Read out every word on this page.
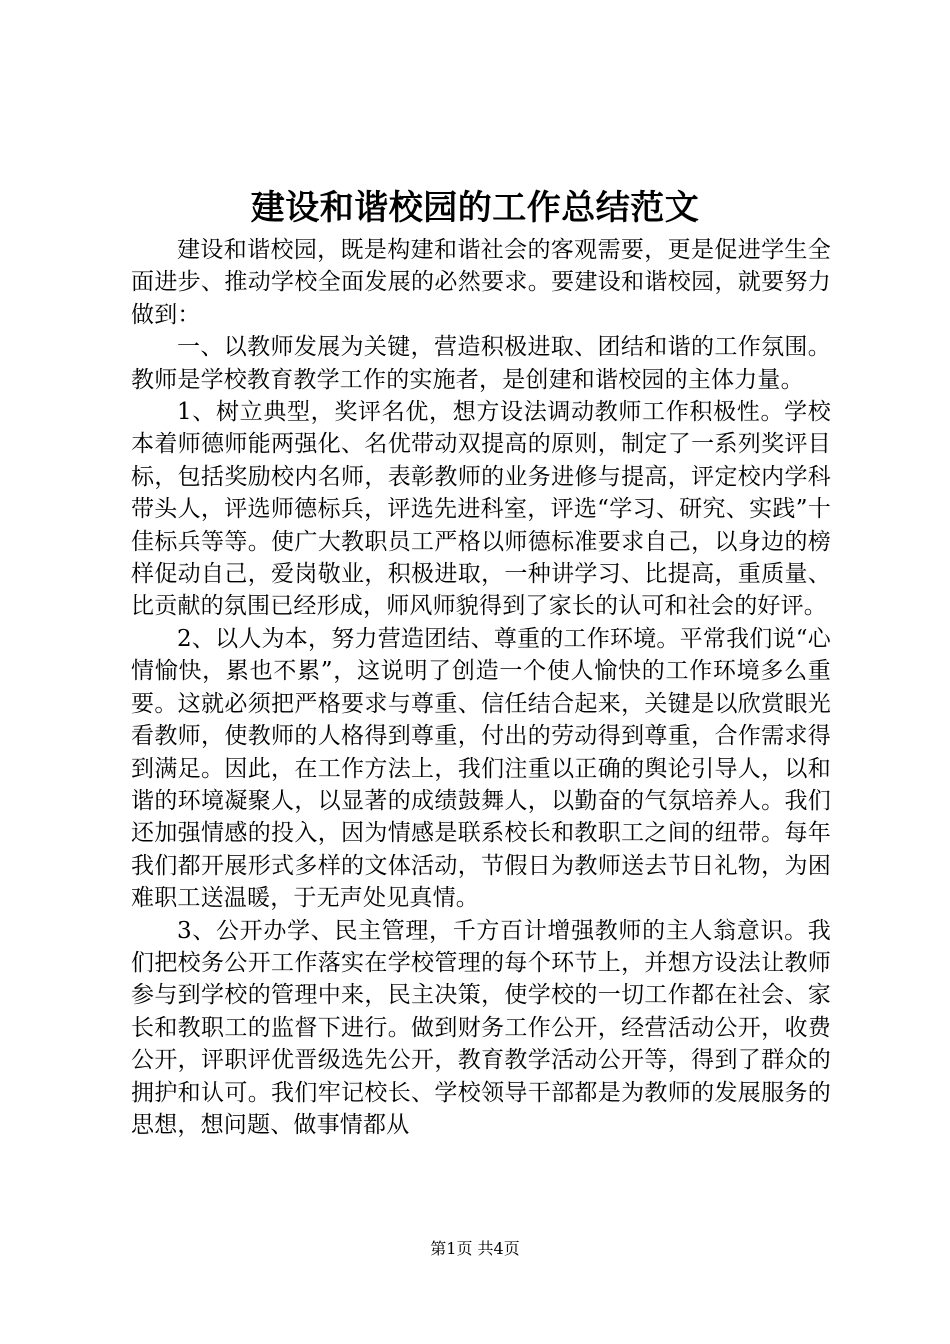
建设和谐校园的工作总结范文

建设和谐校园，既是构建和谐社会的客观需要，更是促进学生全面进步、推动学校全面发展的必然要求。要建设和谐校园，就要努力做到：

一、以教师发展为关键，营造积极进取、团结和谐的工作氛围。教师是学校教育教学工作的实施者，是创建和谐校园的主体力量。

1、树立典型，奖评名优，想方设法调动教师工作积极性。学校本着师德师能两强化、名优带动双提高的原则，制定了一系列奖评目标，包括奖励校内名师，表彰教师的业务进修与提高，评定校内学科带头人，评选师德标兵，评选先进科室，评选“学习、研究、实践”十佳标兵等等。使广大教职员工严格以师德标准要求自己，以身边的榜样促动自己，爱岗敬业，积极进取，一种讲学习、比提高，重质量、比贡献的氛围已经形成，师风师貌得到了家长的认可和社会的好评。

2、以人为本，努力营造团结、尊重的工作环境。平常我们说“心情愉快，累也不累”，这说明了创造一个使人愉快的工作环境多么重要。这就必须把严格要求与尊重、信任结合起来，关键是以欣赏眼光看教师，使教师的人格得到尊重，付出的劳动得到尊重，合作需求得到满足。因此，在工作方法上，我们注重以正确的舆论引导人，以和谐的环境凝聚人，以显著的成绩鼓舞人，以勤奋的气氛培养人。我们还加强情感的投入，因为情感是联系校长和教职工之间的纽带。每年我们都开展形式多样的文体活动，节假日为教师送去节日礼物，为困难职工送温暖，于无声处见真情。

3、公开办学、民主管理，千方百计增强教师的主人翁意识。我们把校务公开工作落实在学校管理的每个环节上，并想方设法让教师参与到学校的管理中来，民主决策，使学校的一切工作都在社会、家长和教职工的监督下进行。做到财务工作公开，经营活动公开，收费公开，评职评优晋级选先公开，教育教学活动公开等，得到了群众的拥护和认可。我们牢记校长、学校领导干部都是为教师的发展服务的思想，想问题、做事情都从

第1页 共4页
